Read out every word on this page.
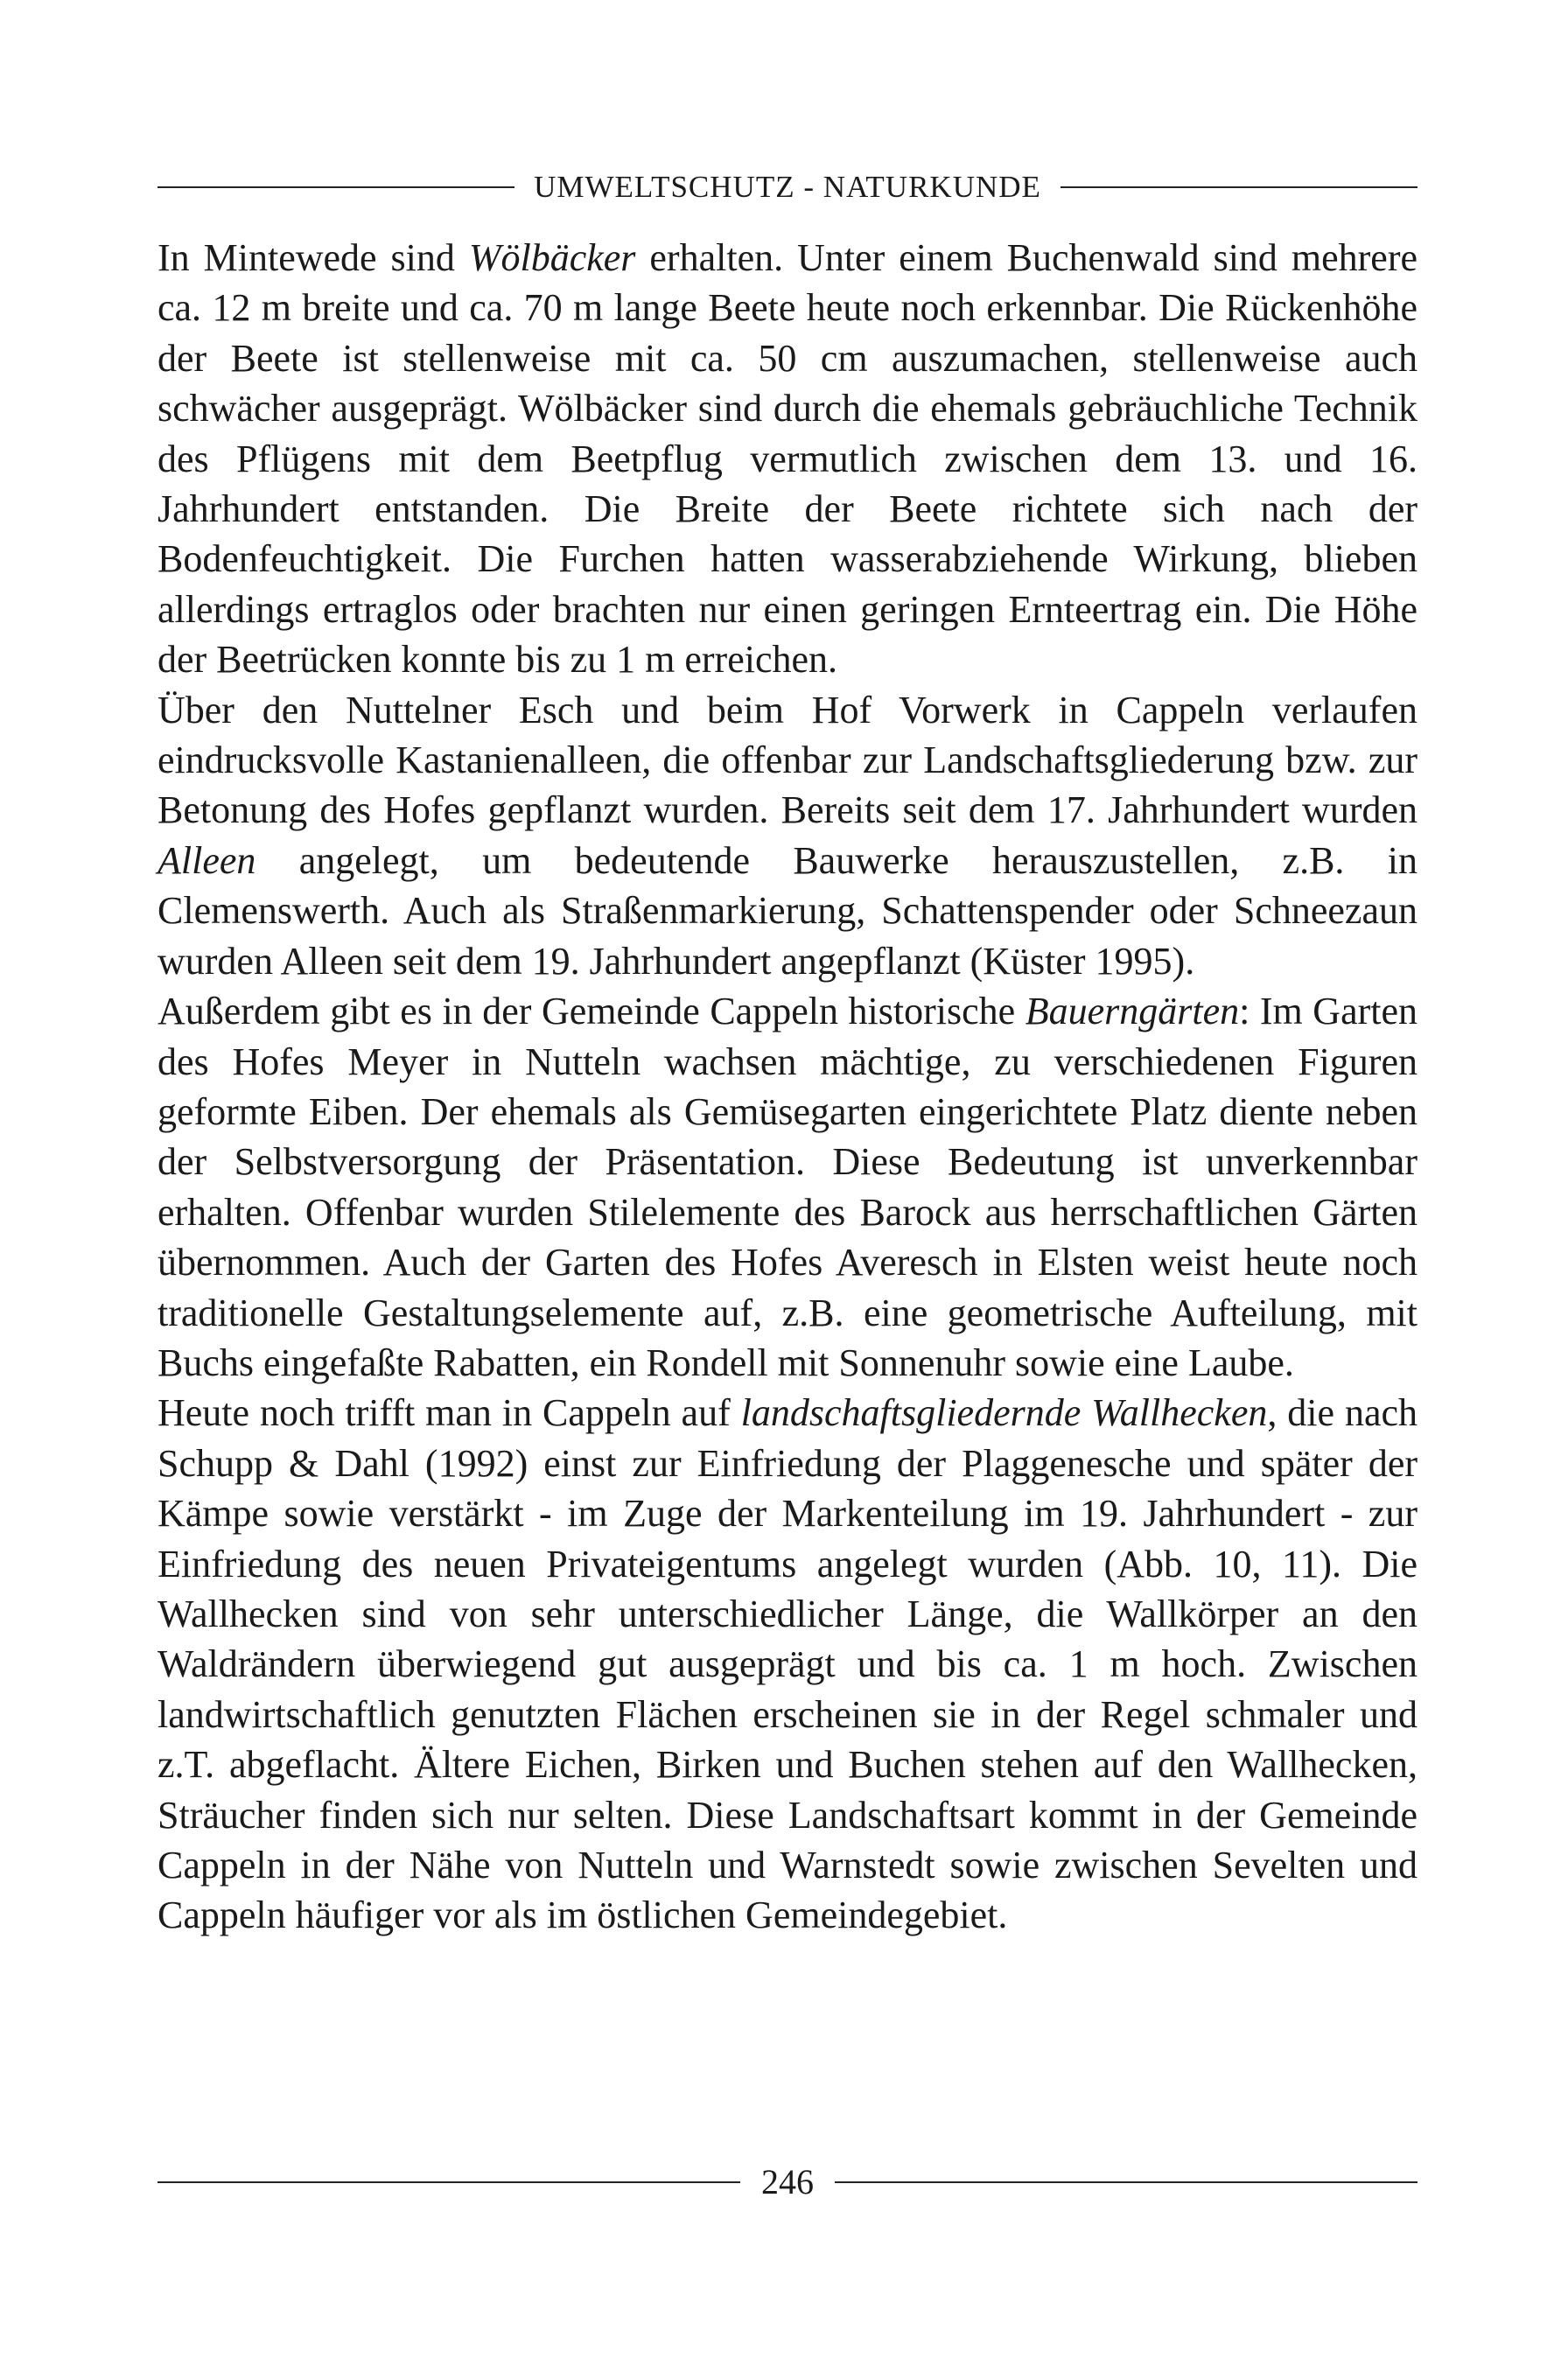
UMWELTSCHUTZ - NATURKUNDE

In Mintewede sind Wölbäcker erhalten. Unter einem Buchenwald sind mehrere ca. 12 m breite und ca. 70 m lange Beete heute noch erkennbar. Die Rückenhöhe der Beete ist stellenweise mit ca. 50 cm auszumachen, stellenweise auch schwächer ausgeprägt. Wölbäcker sind durch die ehemals gebräuchliche Technik des Pflügens mit dem Beetpflug vermutlich zwischen dem 13. und 16. Jahrhundert entstanden. Die Breite der Beete richtete sich nach der Bodenfeuchtigkeit. Die Furchen hatten wasserabziehende Wirkung, blieben allerdings ertraglos oder brachten nur einen geringen Ernteertrag ein. Die Höhe der Beetrücken konnte bis zu 1 m erreichen.

Über den Nuttelner Esch und beim Hof Vorwerk in Cappeln verlaufen eindrucksvolle Kastanienalleen, die offenbar zur Landschaftsgliederung bzw. zur Betonung des Hofes gepflanzt wurden. Bereits seit dem 17. Jahrhundert wurden Alleen angelegt, um bedeutende Bauwerke herauszustellen, z.B. in Clemenswerth. Auch als Straßenmarkierung, Schattenspender oder Schneezaun wurden Alleen seit dem 19. Jahrhundert angepflanzt (Küster 1995).

Außerdem gibt es in der Gemeinde Cappeln historische Bauerngärten: Im Garten des Hofes Meyer in Nutteln wachsen mächtige, zu verschiedenen Figuren geformte Eiben. Der ehemals als Gemüsegarten eingerichtete Platz diente neben der Selbstversorgung der Präsentation. Diese Bedeutung ist unverkennbar erhalten. Offenbar wurden Stilelemente des Barock aus herrschaftlichen Gärten übernommen. Auch der Garten des Hofes Averesch in Elsten weist heute noch traditionelle Gestaltungselemente auf, z.B. eine geometrische Aufteilung, mit Buchs eingefaßte Rabatten, ein Rondell mit Sonnenuhr sowie eine Laube.

Heute noch trifft man in Cappeln auf landschaftsgliedernde Wallhecken, die nach Schupp & Dahl (1992) einst zur Einfriedung der Plaggenesche und später der Kämpe sowie verstärkt - im Zuge der Markenteilung im 19. Jahrhundert - zur Einfriedung des neuen Privateigentums angelegt wurden (Abb. 10, 11). Die Wallhecken sind von sehr unterschiedlicher Länge, die Wallkörper an den Waldrändern überwiegend gut ausgeprägt und bis ca. 1 m hoch. Zwischen landwirtschaftlich genutzten Flächen erscheinen sie in der Regel schmaler und z.T. abgeflacht. Ältere Eichen, Birken und Buchen stehen auf den Wallhecken, Sträucher finden sich nur selten. Diese Landschaftsart kommt in der Gemeinde Cappeln in der Nähe von Nutteln und Warnstedt sowie zwischen Sevelten und Cappeln häufiger vor als im östlichen Gemeindegebiet.

246
